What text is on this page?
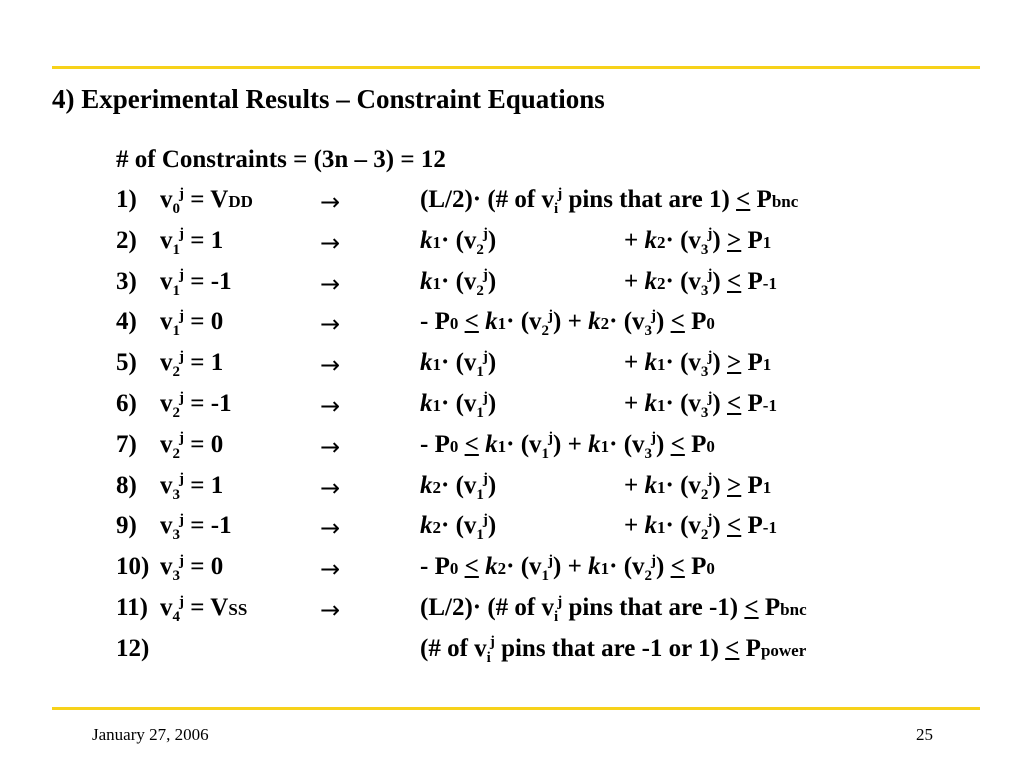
4) Experimental Results – Constraint Equations
# of Constraints = (3n – 3) = 12
1) $v_0^j$ = VDD	→	(L/2)· (# of $v_i^j$ pins that are 1) < Pbnc
2) $v_1^j = 1$	→	$k1\cdot (v_2^j)$	+ $k2\cdot (v_3^j) > P1$
3) $v_1^j = -1$	→	$k1\cdot (v_2^j)$	+ $k2\cdot (v_3^j) < P-1$
4) $v_1^j = 0$	→	- $P0 < k1\cdot (v_2^j) + k2\cdot (v_3^j) < P0$
5) $v_2^j = 1$	→	$k1\cdot (v_1^j)$	+ $k1\cdot (v_3^j) > P1$
6) $v_2^j = -1$	→	$k1\cdot (v_1^j)$	+ $k1\cdot (v_3^j) < P-1$
7) $v_2^j = 0$	→	- $P0 < k1\cdot (v_1^j) + k1\cdot (v_3^j) < P0$
8) $v_3^j = 1$	→	$k2\cdot (v_1^j)$	+ $k1\cdot (v_2^j) > P1$
9) $v_3^j = -1$	→	$k2\cdot (v_1^j)$	+ $k1\cdot (v_2^j) < P-1$
10) $v_3^j = 0$	→	- $P0 < k2\cdot (v_1^j) + k1\cdot (v_2^j) < P0$
11) $v_4^j$ = VSS	→	(L/2)· (# of $v_i^j$ pins that are -1) < Pbnc
12)	(# of $v_i^j$ pins that are -1 or 1) < Ppower
January 27, 2006	25
